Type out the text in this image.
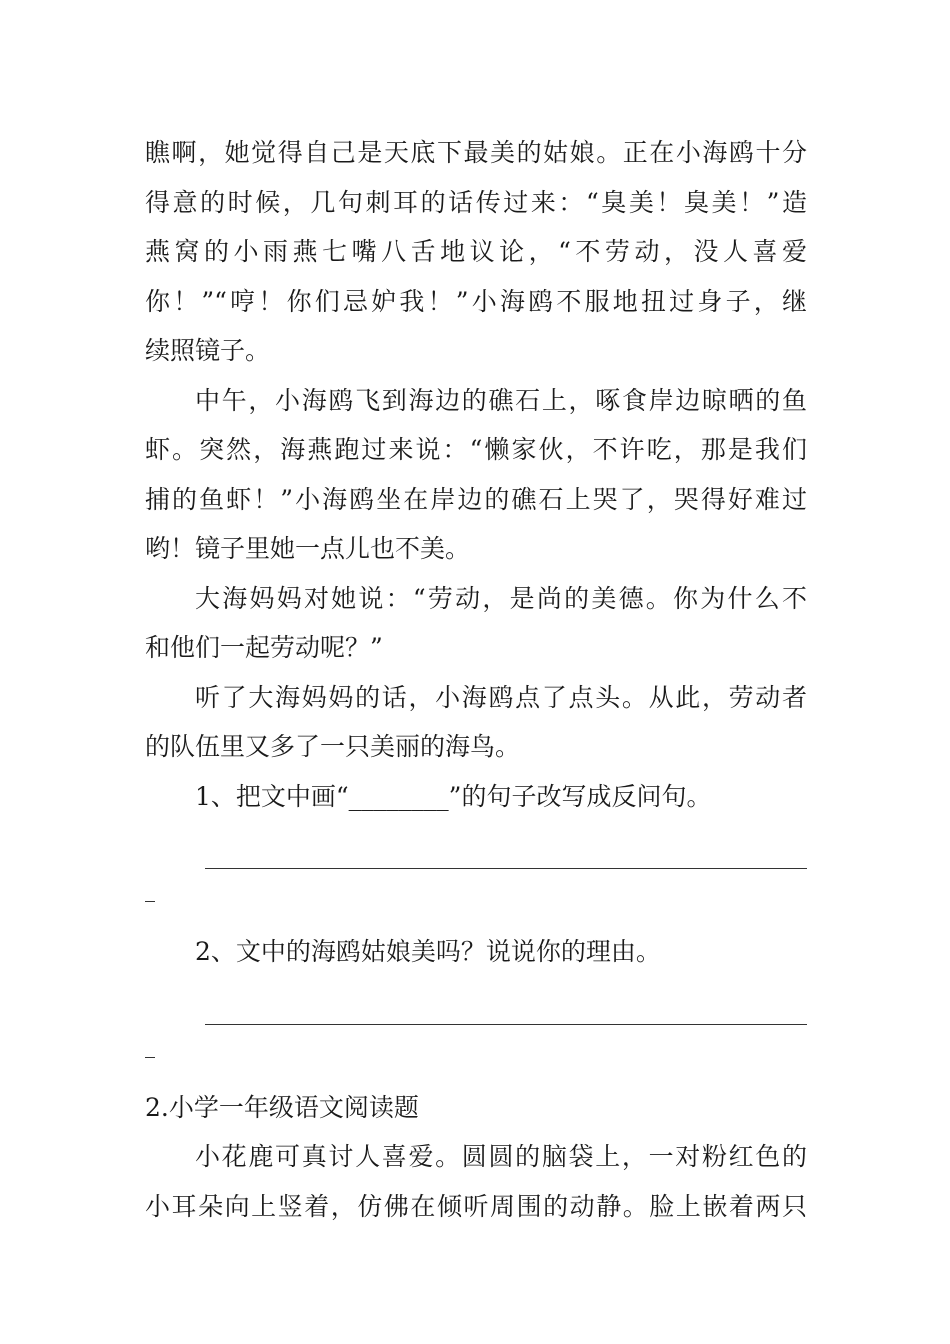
瞧啊，她觉得自己是天底下最美的姑娘。正在小海鸥十分

得意的时候，几句刺耳的话传过来：“臭美！臭美！”造

燕窝的小雨燕七嘴八舌地议论，“不劳动，没人喜爱

你！”“哼！你们忌妒我！”小海鸥不服地扭过身子，继

续照镜子。

中午，小海鸥飞到海边的礁石上，啄食岸边晾晒的鱼

虾。突然，海燕跑过来说：“懒家伙，不许吃，那是我们

捕的鱼虾！”小海鸥坐在岸边的礁石上哭了，哭得好难过

哟！镜子里她一点儿也不美。

大海妈妈对她说：“劳动，是尚的美德。你为什么不

和他们一起劳动呢？”

听了大海妈妈的话，小海鸥点了点头。从此，劳动者

的队伍里又多了一只美丽的海鸟。

1、把文中画“________”的句子改写成反问句。

2、文中的海鸥姑娘美吗？说说你的理由。

2.小学一年级语文阅读题

小花鹿可真讨人喜爱。圆圆的脑袋上，一对粉红色的

小耳朵向上竖着，仿佛在倾听周围的动静。脸上嵌着两只
